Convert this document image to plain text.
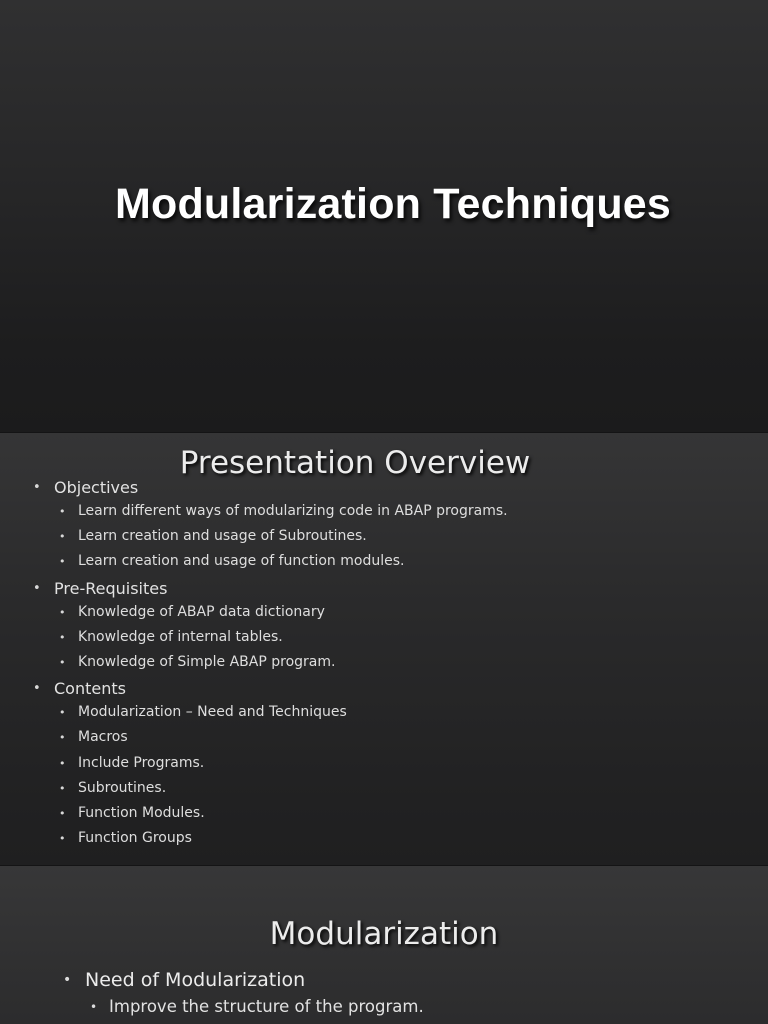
Modularization Techniques
Presentation Overview
• Objectives
• Learn different ways of modularizing code in ABAP programs.
• Learn creation and usage of Subroutines.
• Learn creation and usage of function modules.
• Pre-Requisites
• Knowledge of ABAP data dictionary
• Knowledge of internal tables.
• Knowledge of Simple ABAP program.
• Contents
• Modularization – Need and Techniques
• Macros
• Include Programs.
• Subroutines.
• Function Modules.
• Function Groups
Modularization
• Need of Modularization
• Improve the structure of the program.
